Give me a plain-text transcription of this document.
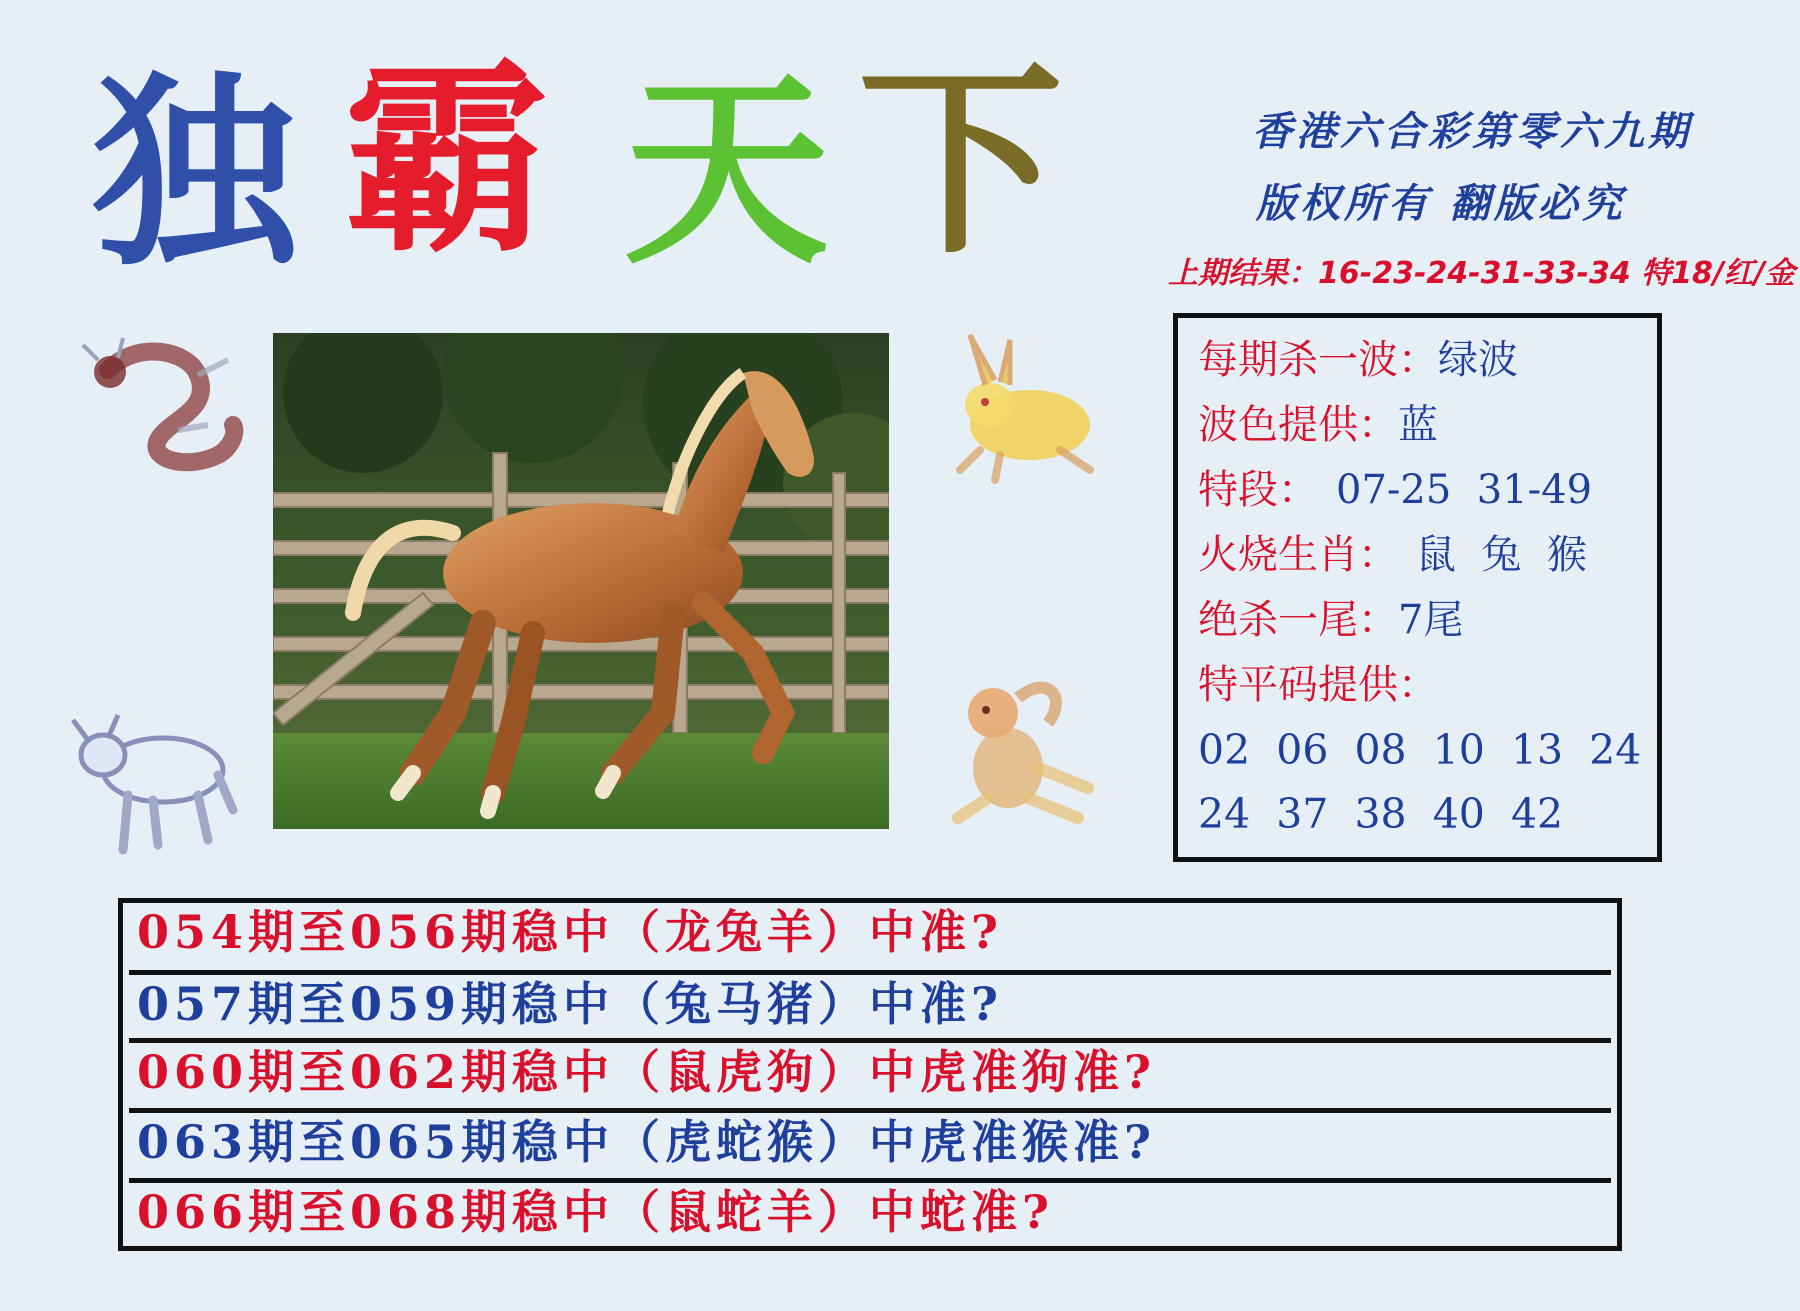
独 霸 天 下	香港六合彩第零六九期
版权所有 翻版必究
上期结果：16-23-24-31-33-34 特18/红/金
每期杀一波：绿波
波色提供：蓝
特段： 07-25  31-49
火烧生肖： 鼠  兔  猴
绝杀一尾：7尾
特平码提供：
02  06  08  10  13  24
24  37  38  40  42
054期至056期稳中（龙兔羊）中准?
057期至059期稳中（兔马猪）中准?
060期至062期稳中（鼠虎狗）中虎准狗准?
063期至065期稳中（虎蛇猴）中虎准猴准?
066期至068期稳中（鼠蛇羊）中蛇准?
